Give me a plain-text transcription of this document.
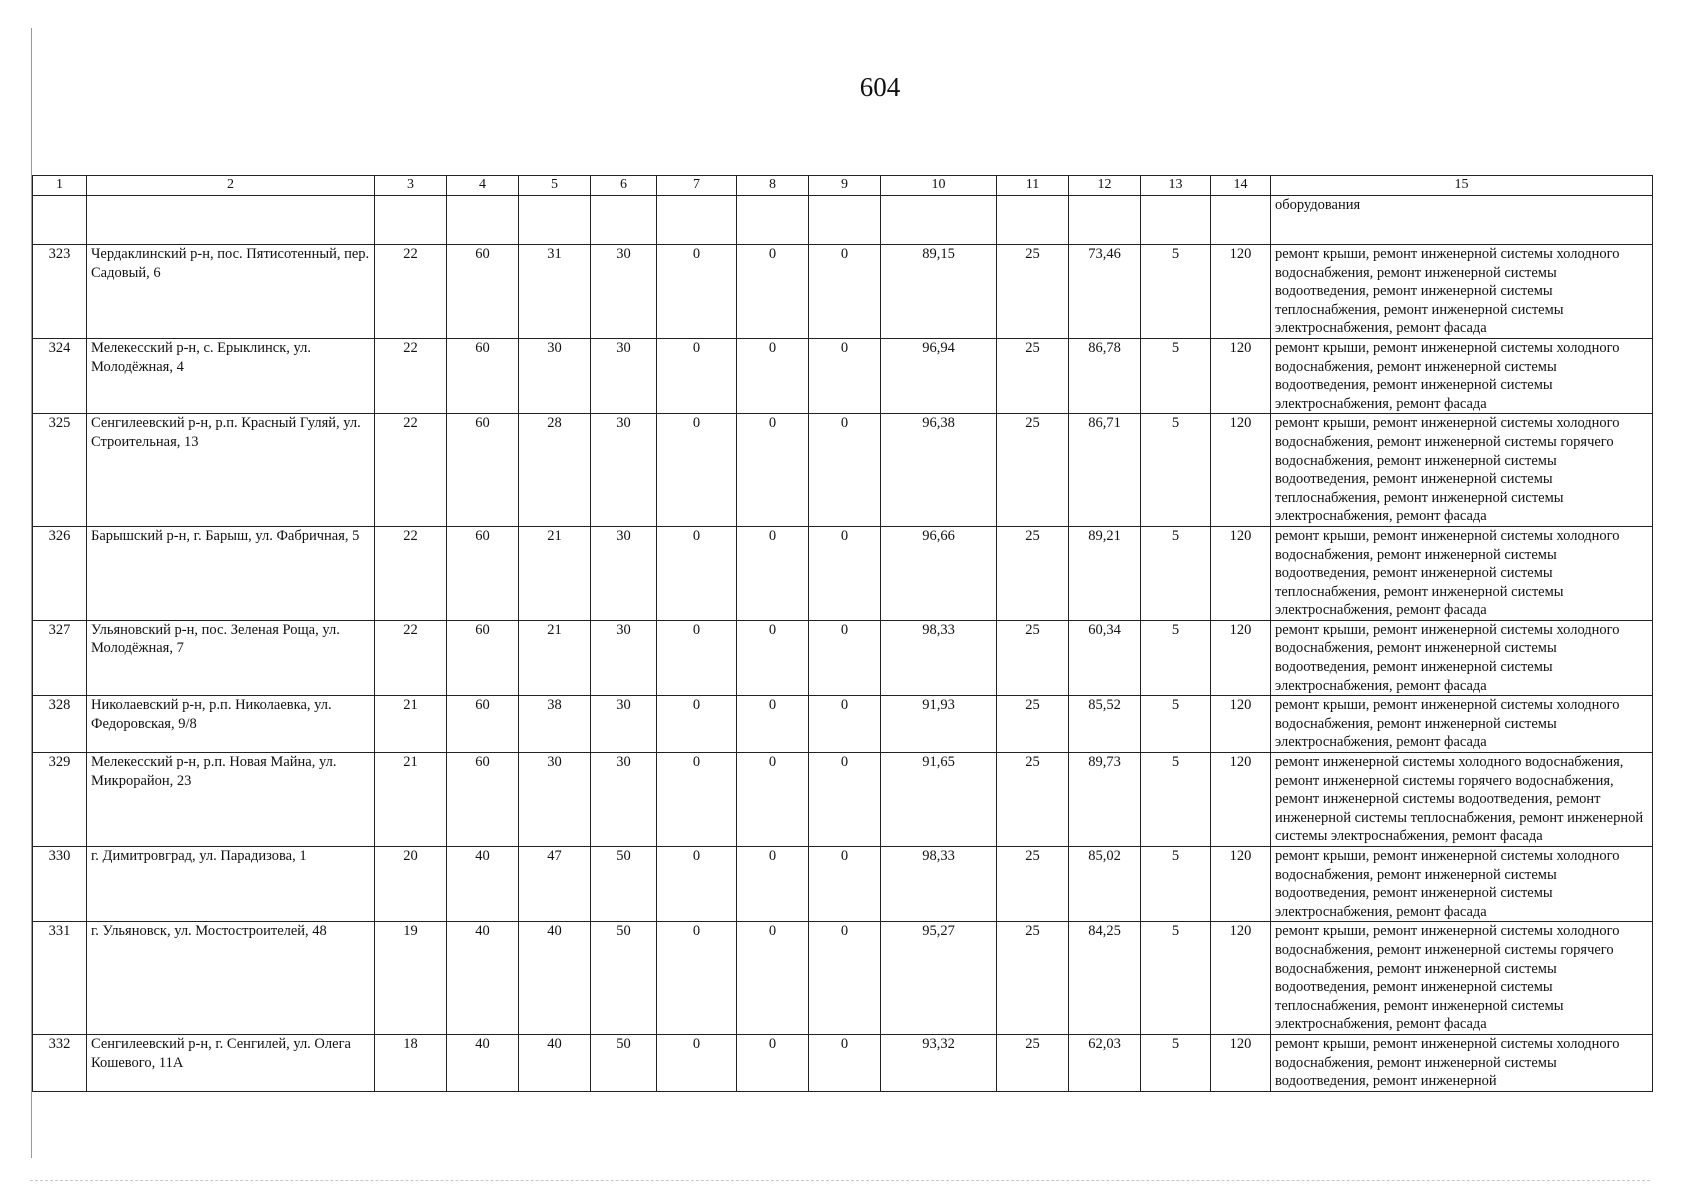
604
1	2	3	4	5	6	7	8	9	10	11	12	13	14	15
														оборудования
323	Чердаклинский р-н, пос. Пятисотенный, пер. Садовый, 6	22	60	31	30	0	0	0	89,15	25	73,46	5	120	ремонт крыши, ремонт инженерной системы холодного водоснабжения, ремонт инженерной системы водоотведения, ремонт инженерной системы теплоснабжения, ремонт инженерной системы электроснабжения, ремонт фасада
324	Мелекесский р-н, с. Ерыклинск, ул. Молодёжная, 4	22	60	30	30	0	0	0	96,94	25	86,78	5	120	ремонт крыши, ремонт инженерной системы холодного водоснабжения, ремонт инженерной системы водоотведения, ремонт инженерной системы электроснабжения, ремонт фасада
325	Сенгилеевский р-н, р.п. Красный Гуляй, ул. Строительная, 13	22	60	28	30	0	0	0	96,38	25	86,71	5	120	ремонт крыши, ремонт инженерной системы холодного водоснабжения, ремонт инженерной системы горячего водоснабжения, ремонт инженерной системы водоотведения, ремонт инженерной системы теплоснабжения, ремонт инженерной системы электроснабжения, ремонт фасада
326	Барышский р-н, г. Барыш, ул. Фабричная, 5	22	60	21	30	0	0	0	96,66	25	89,21	5	120	ремонт крыши, ремонт инженерной системы холодного водоснабжения, ремонт инженерной системы водоотведения, ремонт инженерной системы теплоснабжения, ремонт инженерной системы электроснабжения, ремонт фасада
327	Ульяновский р-н, пос. Зеленая Роща, ул. Молодёжная, 7	22	60	21	30	0	0	0	98,33	25	60,34	5	120	ремонт крыши, ремонт инженерной системы холодного водоснабжения, ремонт инженерной системы водоотведения, ремонт инженерной системы электроснабжения, ремонт фасада
328	Николаевский р-н, р.п. Николаевка, ул. Федоровская, 9/8	21	60	38	30	0	0	0	91,93	25	85,52	5	120	ремонт крыши, ремонт инженерной системы холодного водоснабжения, ремонт инженерной системы электроснабжения, ремонт фасада
329	Мелекесский р-н, р.п. Новая Майна, ул. Микрорайон, 23	21	60	30	30	0	0	0	91,65	25	89,73	5	120	ремонт инженерной системы холодного водоснабжения, ремонт инженерной системы горячего водоснабжения, ремонт инженерной системы водоотведения, ремонт инженерной системы теплоснабжения, ремонт инженерной системы электроснабжения, ремонт фасада
330	г. Димитровград, ул. Парадизова, 1	20	40	47	50	0	0	0	98,33	25	85,02	5	120	ремонт крыши, ремонт инженерной системы холодного водоснабжения, ремонт инженерной системы водоотведения, ремонт инженерной системы электроснабжения, ремонт фасада
331	г. Ульяновск, ул. Мостостроителей, 48	19	40	40	50	0	0	0	95,27	25	84,25	5	120	ремонт крыши, ремонт инженерной системы холодного водоснабжения, ремонт инженерной системы горячего водоснабжения, ремонт инженерной системы водоотведения, ремонт инженерной системы теплоснабжения, ремонт инженерной системы электроснабжения, ремонт фасада
332	Сенгилеевский р-н, г. Сенгилей, ул. Олега Кошевого, 11А	18	40	40	50	0	0	0	93,32	25	62,03	5	120	ремонт крыши, ремонт инженерной системы холодного водоснабжения, ремонт инженерной системы водоотведения, ремонт инженерной
